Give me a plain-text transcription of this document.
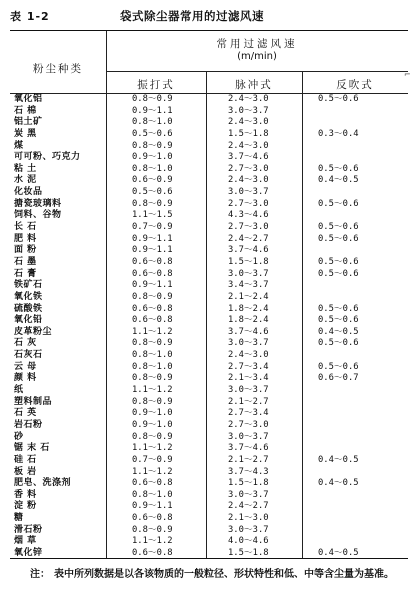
表 1-2	袋式除尘器常用的过滤风速
粉尘种类
常用过滤风速
(m/min)
振打式	脉冲式	反吹式
氧化铝	0.8～0.9	2.4～3.0	0.5～0.6
石 棉	0.9～1.1	3.0～3.7
铝土矿	0.8～1.0	2.4～3.0
炭 黑	0.5～0.6	1.5～1.8	0.3～0.4
煤	0.8～0.9	2.4～3.0
可可粉、巧克力	0.9～1.0	3.7～4.6
粘 土	0.8～1.0	2.7～3.0	0.5～0.6
水 泥	0.6～0.9	2.4～3.0	0.4～0.5
化妆品	0.5～0.6	3.0～3.7
搪瓷玻璃料	0.8～0.9	2.7～3.0	0.5～0.6
饲料、谷物	1.1～1.5	4.3～4.6
长 石	0.7～0.9	2.7～3.0	0.5～0.6
肥 料	0.9～1.1	2.4～2.7	0.5～0.6
面 粉	0.9～1.1	3.7～4.6
石 墨	0.6～0.8	1.5～1.8	0.5～0.6
石 膏	0.6～0.8	3.0～3.7	0.5～0.6
铁矿石	0.9～1.1	3.4～3.7
氧化铁	0.8～0.9	2.1～2.4
硫酸铁	0.6～0.8	1.8～2.4	0.5～0.6
氧化铅	0.6～0.8	1.8～2.4	0.5～0.6
皮革粉尘	1.1～1.2	3.7～4.6	0.4～0.5
石 灰	0.8～0.9	3.0～3.7	0.5～0.6
石灰石	0.8～1.0	2.4～3.0
云 母	0.8～1.0	2.7～3.4	0.5～0.6
颜 料	0.8～0.9	2.1～3.4	0.6～0.7
纸	1.1～1.2	3.0～3.7
塑料制品	0.8～0.9	2.1～2.7
石 英	0.9～1.0	2.7～3.4
岩石粉	0.9～1.0	2.7～3.0
砂	0.8～0.9	3.0～3.7
锯 末 石	1.1～1.2	3.7～4.6
硅 石	0.7～0.9	2.1～2.7	0.4～0.5
板 岩	1.1～1.2	3.7～4.3
肥皂、洗涤剂	0.6～0.8	1.5～1.8	0.4～0.5
香 料	0.8～1.0	3.0～3.7
淀 粉	0.9～1.1	2.4～2.7
糖	0.6～0.8	2.1～3.0
滑石粉	0.8～0.9	3.0～3.7
烟 草	1.1～1.2	4.0～4.6
氧化锌	0.6～0.8	1.5～1.8	0.4～0.5
⌐
注： 表中所列数据是以各该物质的一般粒径、形状特性和低、中等含尘量为基准。
